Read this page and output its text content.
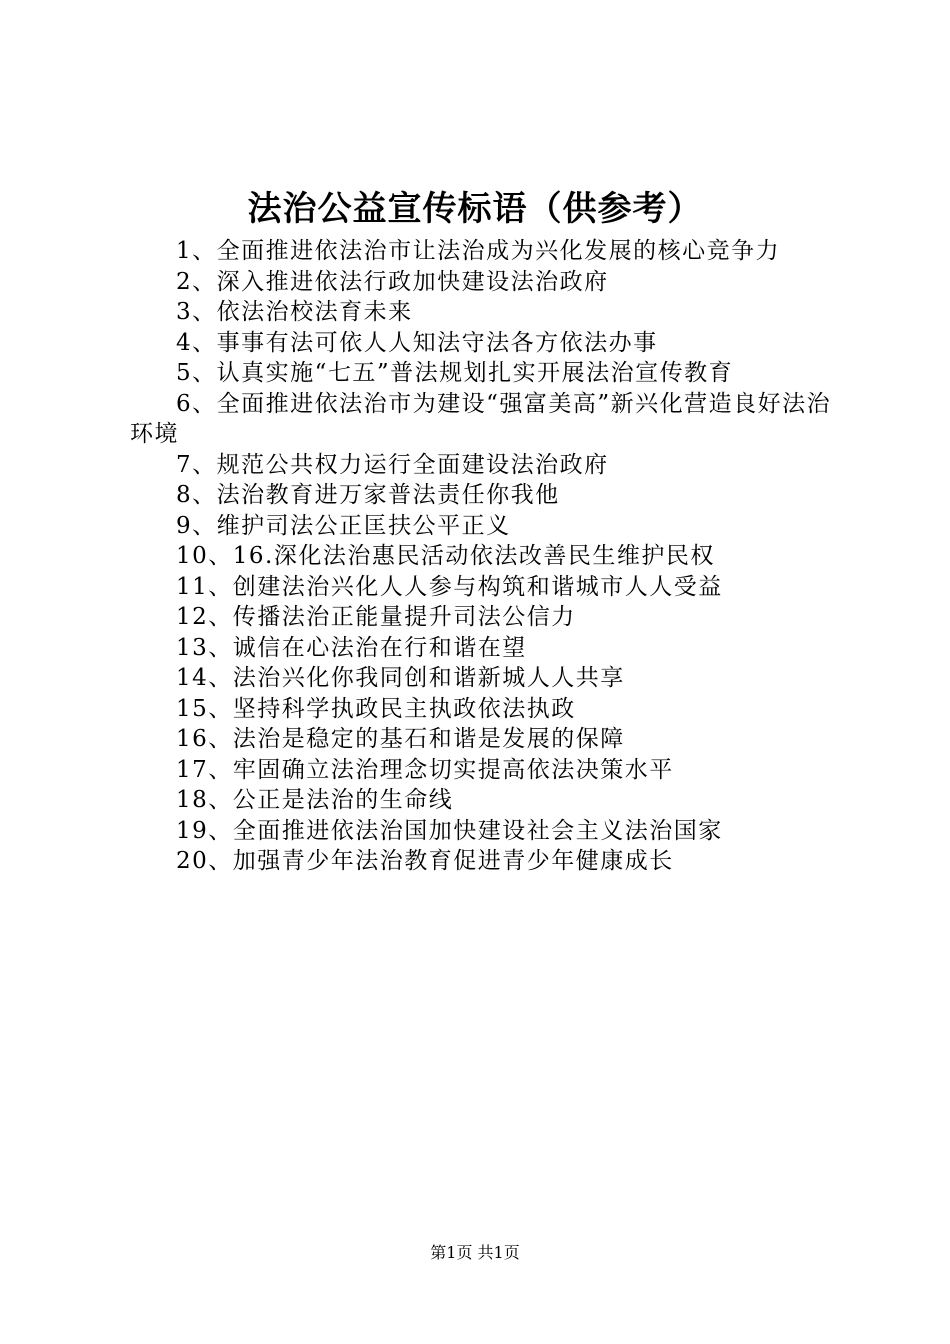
法治公益宣传标语（供参考）
1、全面推进依法治市让法治成为兴化发展的核心竞争力
2、深入推进依法行政加快建设法治政府
3、依法治校法育未来
4、事事有法可依人人知法守法各方依法办事
5、认真实施“七五”普法规划扎实开展法治宣传教育
6、全面推进依法治市为建设“强富美高”新兴化营造良好法治环境
7、规范公共权力运行全面建设法治政府
8、法治教育进万家普法责任你我他
9、维护司法公正匡扶公平正义
10、16.深化法治惠民活动依法改善民生维护民权
11、创建法治兴化人人参与构筑和谐城市人人受益
12、传播法治正能量提升司法公信力
13、诚信在心法治在行和谐在望
14、法治兴化你我同创和谐新城人人共享
15、坚持科学执政民主执政依法执政
16、法治是稳定的基石和谐是发展的保障
17、牢固确立法治理念切实提高依法决策水平
18、公正是法治的生命线
19、全面推进依法治国加快建设社会主义法治国家
20、加强青少年法治教育促进青少年健康成长
第1页 共1页
